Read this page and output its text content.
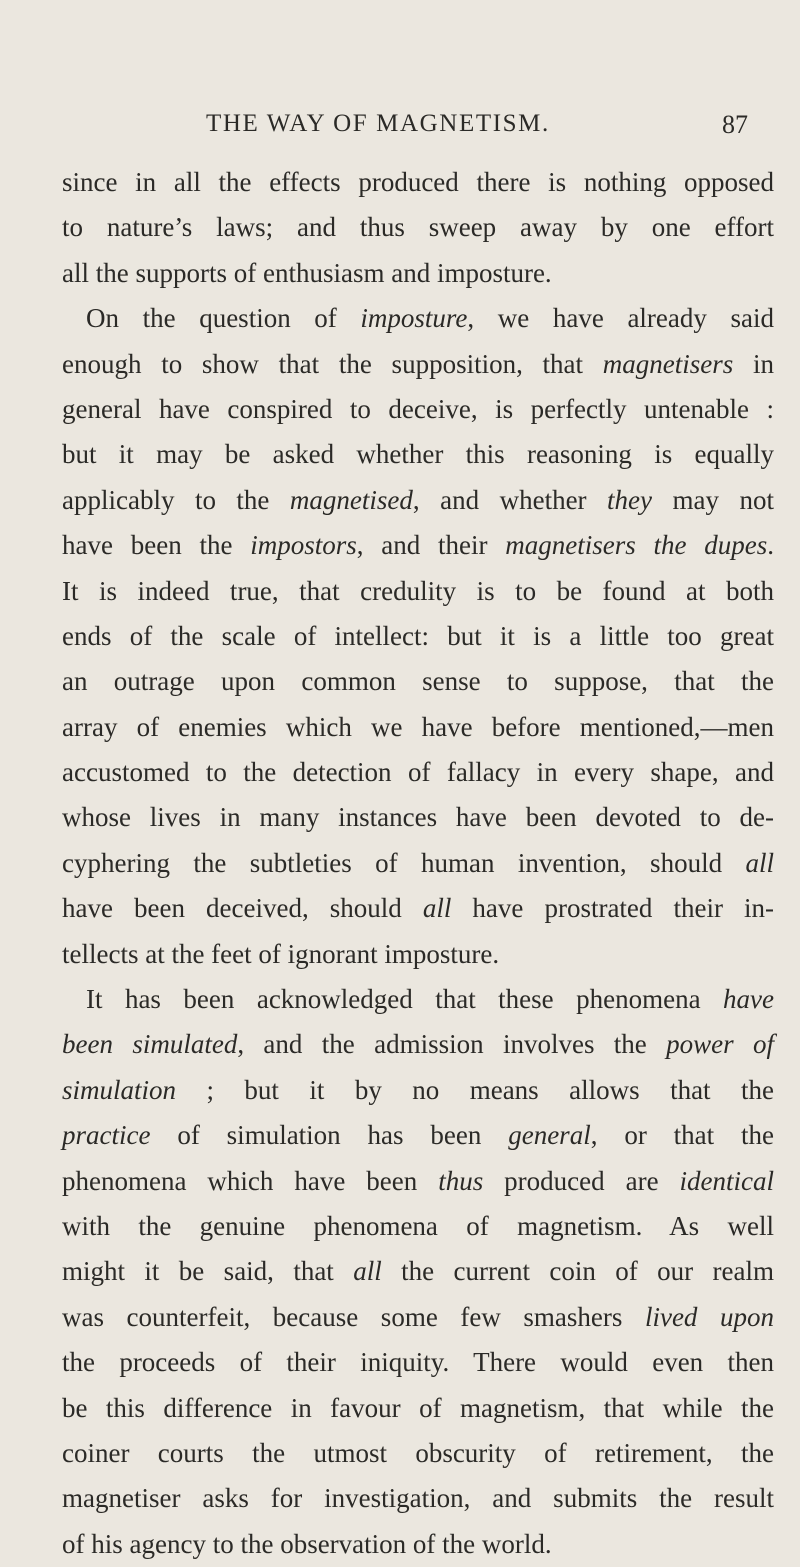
THE WAY OF MAGNETISM.	87
since in all the effects produced there is nothing opposed
to nature’s laws; and thus sweep away by one effort
all the supports of enthusiasm and imposture.
On the question of imposture, we have already said
enough to show that the supposition, that magnetisers in
general have conspired to deceive, is perfectly untenable :
but it may be asked whether this reasoning is equally
applicably to the magnetised, and whether they may not
have been the impostors, and their magnetisers the dupes.
It is indeed true, that credulity is to be found at both
ends of the scale of intellect: but it is a little too great
an outrage upon common sense to suppose, that the
array of enemies which we have before mentioned,—men
accustomed to the detection of fallacy in every shape, and
whose lives in many instances have been devoted to de-
cyphering the subtleties of human invention, should all
have been deceived, should all have prostrated their in-
tellects at the feet of ignorant imposture.
It has been acknowledged that these phenomena have
been simulated, and the admission involves the power of
simulation ; but it by no means allows that the
practice of simulation has been general, or that the
phenomena which have been thus produced are identical
with the genuine phenomena of magnetism. As well
might it be said, that all the current coin of our realm
was counterfeit, because some few smashers lived upon
the proceeds of their iniquity. There would even then
be this difference in favour of magnetism, that while the
coiner courts the utmost obscurity of retirement, the
magnetiser asks for investigation, and submits the result
of his agency to the observation of the world.
